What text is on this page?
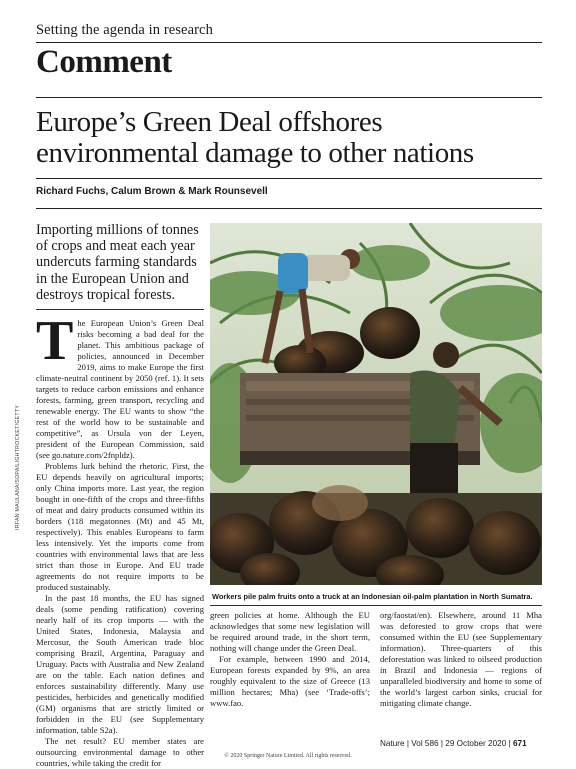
Setting the agenda in research
Comment
Europe’s Green Deal offshores environmental damage to other nations
Richard Fuchs, Calum Brown & Mark Rounsevell
Importing millions of tonnes of crops and meat each year undercuts farming standards in the European Union and destroys tropical forests.
IRFAN MAULANA/SOPA/LIGHTROCKET/GETTY

The European Union’s Green Deal risks becoming a bad deal for the planet. This ambitious package of policies, announced in December 2019, aims to make Europe the first climate-neutral continent by 2050 (ref. 1). It sets targets to reduce carbon emissions and enhance forests, farming, green transport, recycling and renewable energy. The EU wants to show “the rest of the world how to be sustainable and competitive”, as Ursula von der Leyen, president of the European Commission, said (see go.nature.com/2fnpldz).

Problems lurk behind the rhetoric. First, the EU depends heavily on agricultural imports; only China imports more. Last year, the region bought in one-fifth of the crops and three-fifths of meat and dairy products consumed within its borders (118 megatonnes (Mt) and 45 Mt, respectively). This enables Europeans to farm less intensively. Yet the imports come from countries with environmental laws that are less strict than those in Europe. And EU trade agreements do not require imports to be produced sustainably.

In the past 18 months, the EU has signed deals (some pending ratification) covering nearly half of its crop imports — with the United States, Indonesia, Malaysia and Mercosur, the South American trade bloc comprising Brazil, Argentina, Paraguay and Uruguay. Pacts with Australia and New Zealand are on the table. Each nation defines and enforces sustainability differently. Many use pesticides, herbicides and genetically modified (GM) organisms that are strictly limited or forbidden in the EU (see Supplementary information, table S2a).

The net result? EU member states are outsourcing environmental damage to other countries, while taking the credit for

Workers pile palm fruits onto a truck at an Indonesian oil-palm plantation in North Sumatra.

green policies at home. Although the EU acknowledges that some new legislation will be required around trade, in the short term, nothing will change under the Green Deal.

For example, between 1990 and 2014, European forests expanded by 9%, an area roughly equivalent to the size of Greece (13 million hectares; Mha) (see ‘Trade-offs’; www.fao.

org/faostat/en). Elsewhere, around 11 Mha was deforested to grow crops that were consumed within the EU (see Supplementary information). Three-quarters of this deforestation was linked to oilseed production in Brazil and Indonesia — regions of unparalleled biodiversity and home to some of the world’s largest carbon sinks, crucial for mitigating climate change.

Nature | Vol 586 | 29 October 2020 | 671
© 2020 Springer Nature Limited. All rights reserved.
